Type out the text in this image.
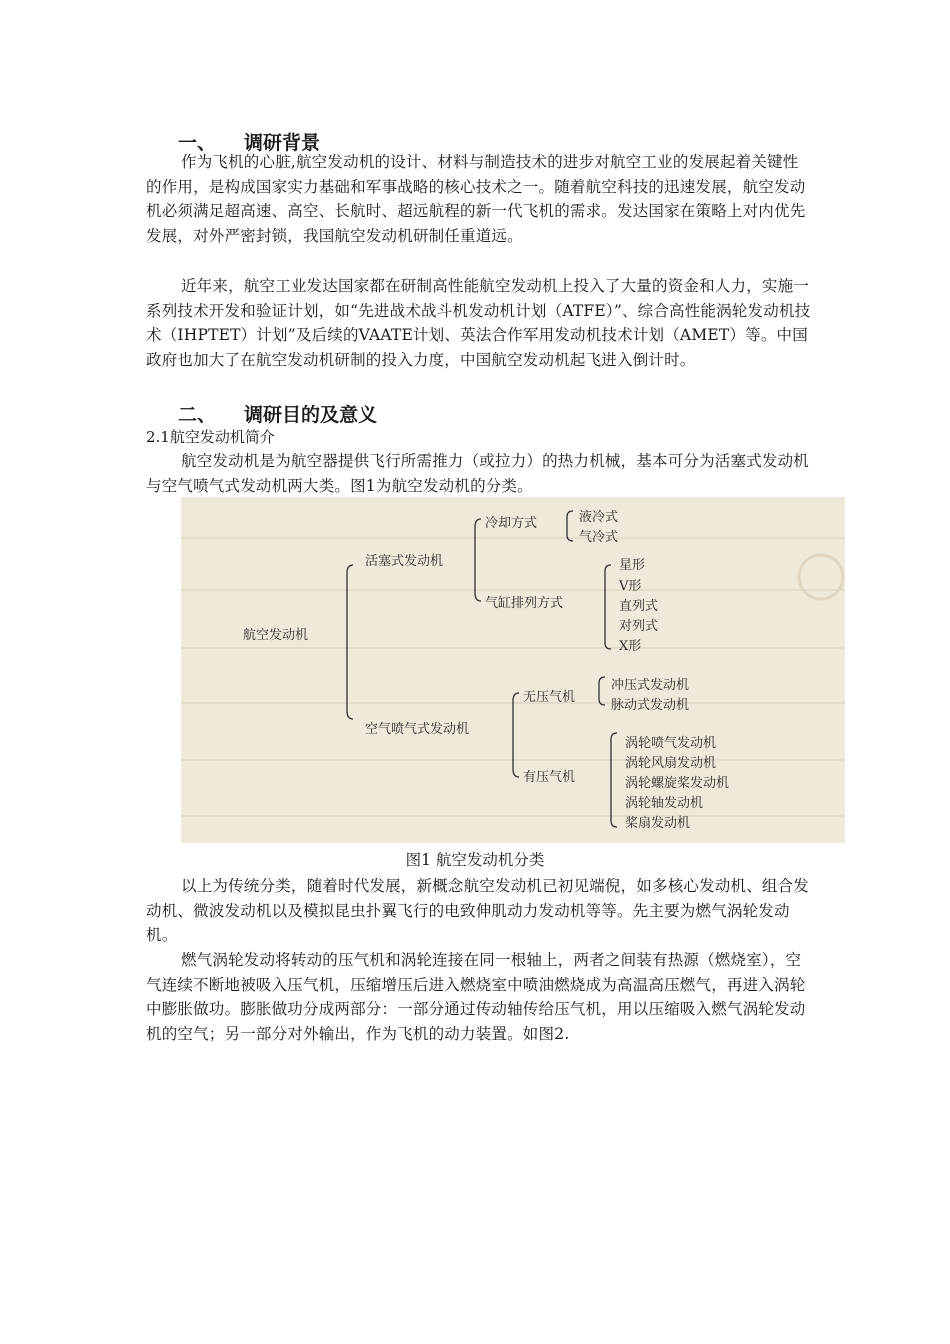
一、 调研背景

作为飞机的心脏,航空发动机的设计、材料与制造技术的进步对航空工业的发展起着关键性的作用，是构成国家实力基础和军事战略的核心技术之一。随着航空科技的迅速发展，航空发动机必须满足超高速、高空、长航时、超远航程的新一代飞机的需求。发达国家在策略上对内优先发展，对外严密封锁，我国航空发动机研制任重道远。

近年来，航空工业发达国家都在研制高性能航空发动机上投入了大量的资金和人力，实施一系列技术开发和验证计划，如“先进战术战斗机发动机计划（ATFE）”、综合高性能涡轮发动机技术（IHPTET）计划”及后续的VAATE计划、英法合作军用发动机技术计划（AMET）等。中国政府也加大了在航空发动机研制的投入力度，中国航空发动机起飞进入倒计时。

二、 调研目的及意义
2.1航空发动机简介

航空发动机是为航空器提供飞行所需推力（或拉力）的热力机械，基本可分为活塞式发动机与空气喷气式发动机两大类。图1为航空发动机的分类。

航空发动机
活塞式发动机
冷却方式	液冷式
气冷式
气缸排列方式
星形
V形
直列式
对列式
X形
空气喷气式发动机
无压气机
冲压式发动机
脉动式发动机
有压气机
涡轮喷气发动机
涡轮风扇发动机
涡轮螺旋桨发动机
涡轮轴发动机
桨扇发动机
图1 航空发动机分类

以上为传统分类，随着时代发展，新概念航空发动机已初见端倪，如多核心发动机、组合发动机、微波发动机以及模拟昆虫扑翼飞行的电致伸肌动力发动机等等。先主要为燃气涡轮发动机。

燃气涡轮发动将转动的压气机和涡轮连接在同一根轴上，两者之间装有热源（燃烧室），空气连续不断地被吸入压气机，压缩增压后进入燃烧室中喷油燃烧成为高温高压燃气，再进入涡轮中膨胀做功。膨胀做功分成两部分：一部分通过传动轴传给压气机，用以压缩吸入燃气涡轮发动机的空气；另一部分对外输出，作为飞机的动力装置。如图2.
